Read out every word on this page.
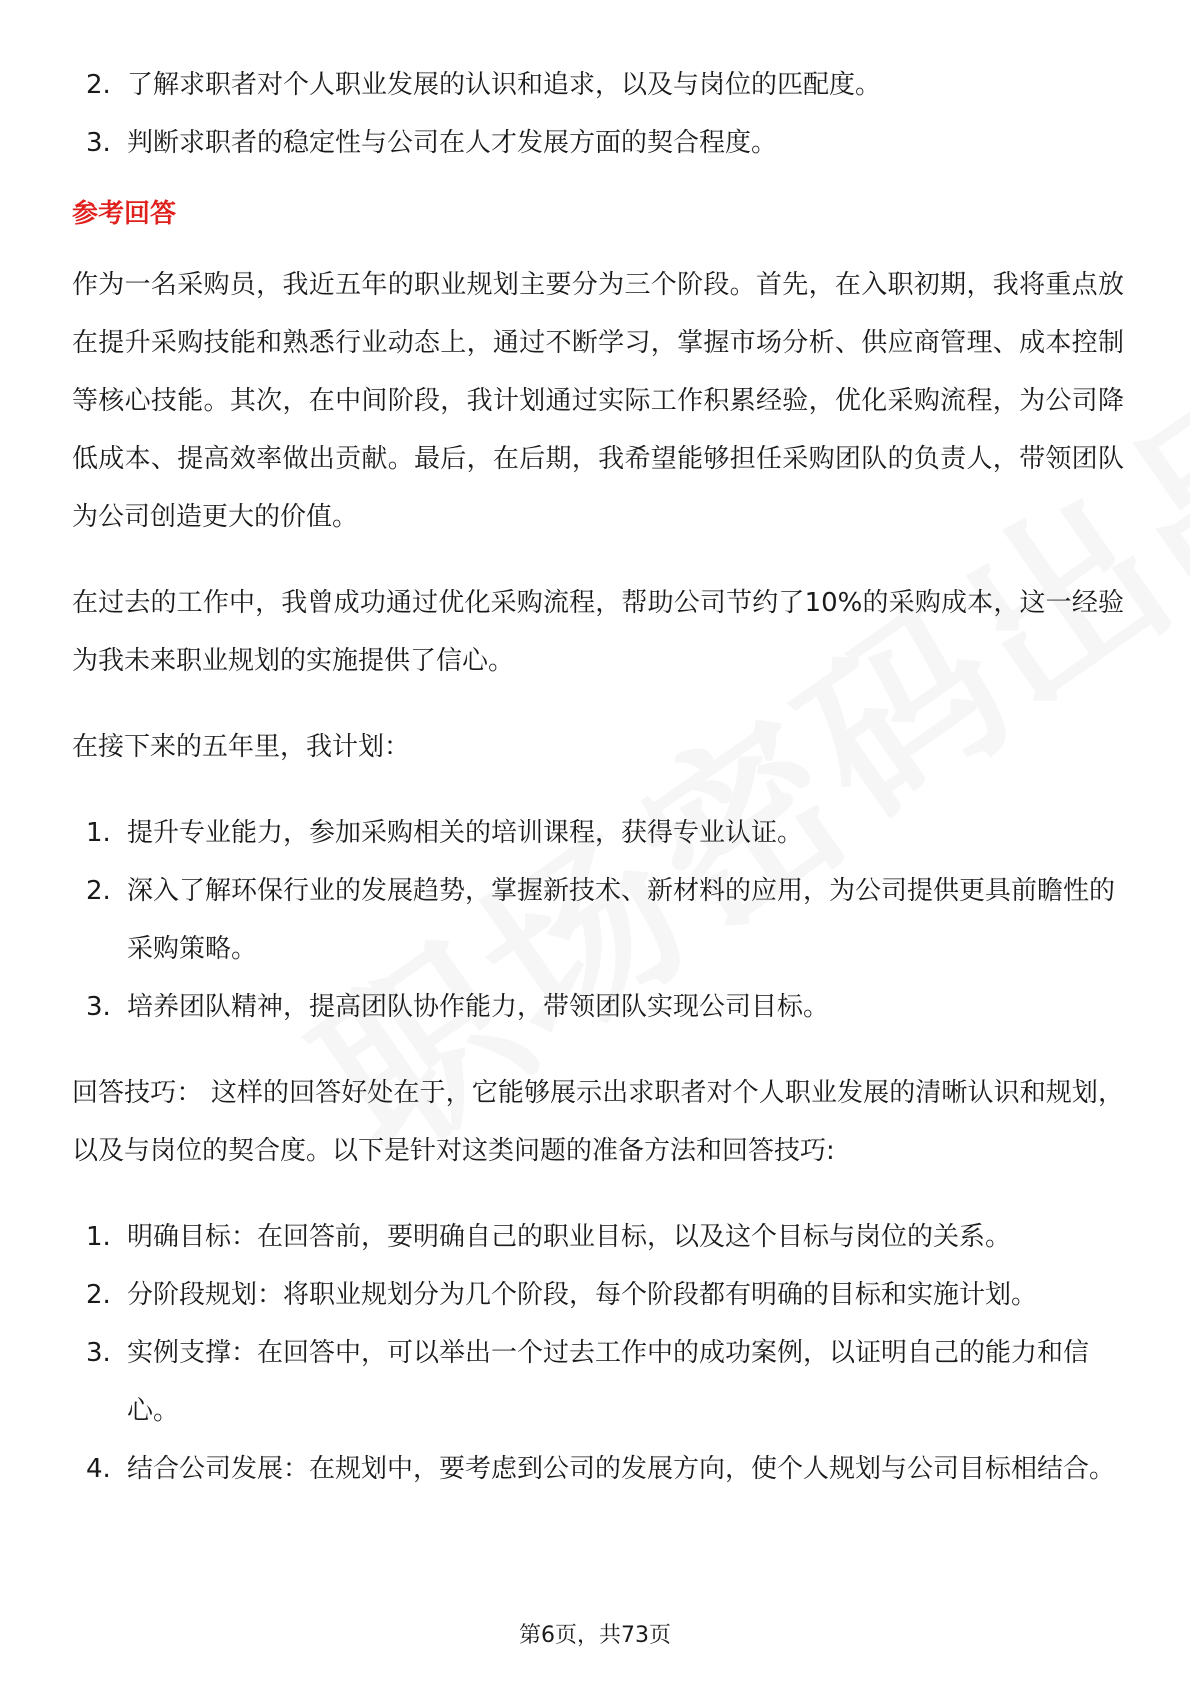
2. 了解求职者对个人职业发展的认识和追求，以及与岗位的匹配度。
3. 判断求职者的稳定性与公司在人才发展方面的契合程度。
参考回答

作为一名采购员，我近五年的职业规划主要分为三个阶段。首先，在入职初期，我将重点放在提升采购技能和熟悉行业动态上，通过不断学习，掌握市场分析、供应商管理、成本控制等核心技能。其次，在中间阶段，我计划通过实际工作积累经验，优化采购流程，为公司降低成本、提高效率做出贡献。最后，在后期，我希望能够担任采购团队的负责人，带领团队为公司创造更大的价值。

在过去的工作中，我曾成功通过优化采购流程，帮助公司节约了10%的采购成本，这一经验为我未来职业规划的实施提供了信心。

在接下来的五年里，我计划：

1. 提升专业能力，参加采购相关的培训课程，获得专业认证。
2. 深入了解环保行业的发展趋势，掌握新技术、新材料的应用，为公司提供更具前瞻性的采购策略。
3. 培养团队精神，提高团队协作能力，带领团队实现公司目标。

回答技巧： 这样的回答好处在于，它能够展示出求职者对个人职业发展的清晰认识和规划，以及与岗位的契合度。以下是针对这类问题的准备方法和回答技巧:

1. 明确目标：在回答前，要明确自己的职业目标，以及这个目标与岗位的关系。
2. 分阶段规划：将职业规划分为几个阶段，每个阶段都有明确的目标和实施计划。
3. 实例支撑：在回答中，可以举出一个过去工作中的成功案例，以证明自己的能力和信心。
4. 结合公司发展：在规划中，要考虑到公司的发展方向，使个人规划与公司目标相结合。
第6页，共73页
